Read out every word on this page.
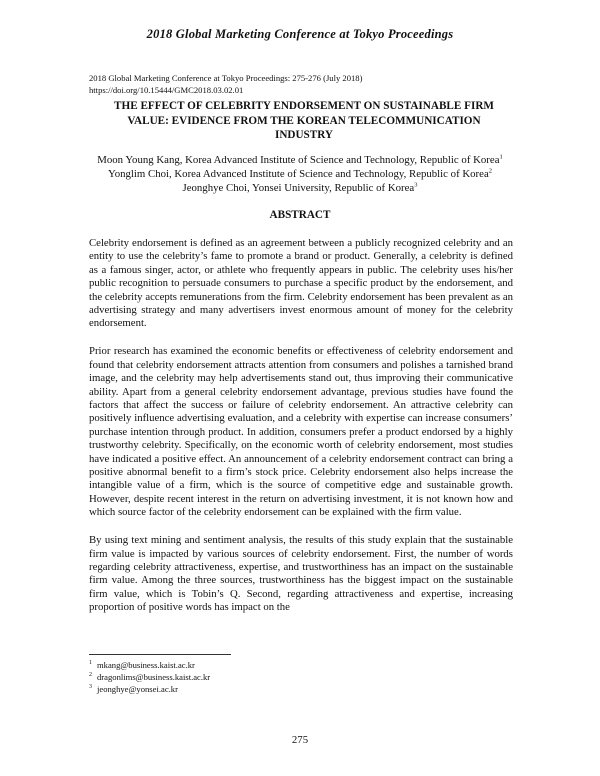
2018 Global Marketing Conference at Tokyo Proceedings
2018 Global Marketing Conference at Tokyo Proceedings: 275-276 (July 2018)
https://doi.org/10.15444/GMC2018.03.02.01
THE EFFECT OF CELEBRITY ENDORSEMENT ON SUSTAINABLE FIRM VALUE: EVIDENCE FROM THE KOREAN TELECOMMUNICATION INDUSTRY
Moon Young Kang, Korea Advanced Institute of Science and Technology, Republic of Korea$^1$
Yonglim Choi, Korea Advanced Institute of Science and Technology, Republic of Korea$^2$
Jeonghye Choi, Yonsei University, Republic of Korea$^3$
ABSTRACT

Celebrity endorsement is defined as an agreement between a publicly recognized celebrity and an entity to use the celebrity’s fame to promote a brand or product. Generally, a celebrity is defined as a famous singer, actor, or athlete who frequently appears in public. The celebrity uses his/her public recognition to persuade consumers to purchase a specific product by the endorsement, and the celebrity accepts remunerations from the firm. Celebrity endorsement has been prevalent as an advertising strategy and many advertisers invest enormous amount of money for the celebrity endorsement.

Prior research has examined the economic benefits or effectiveness of celebrity endorsement and found that celebrity endorsement attracts attention from consumers and polishes a tarnished brand image, and the celebrity may help advertisements stand out, thus improving their communicative ability. Apart from a general celebrity endorsement advantage, previous studies have found the factors that affect the success or failure of celebrity endorsement. An attractive celebrity can positively influence advertising evaluation, and a celebrity with expertise can increase consumers’ purchase intention through product. In addition, consumers prefer a product endorsed by a highly trustworthy celebrity. Specifically, on the economic worth of celebrity endorsement, most studies have indicated a positive effect. An announcement of a celebrity endorsement contract can bring a positive abnormal benefit to a firm’s stock price. Celebrity endorsement also helps increase the intangible value of a firm, which is the source of competitive edge and sustainable growth. However, despite recent interest in the return on advertising investment, it is not known how and which source factor of the celebrity endorsement can be explained with the firm value.

By using text mining and sentiment analysis, the results of this study explain that the sustainable firm value is impacted by various sources of celebrity endorsement. First, the number of words regarding celebrity attractiveness, expertise, and trustworthiness has an impact on the sustainable firm value. Among the three sources, trustworthiness has the biggest impact on the sustainable firm value, which is Tobin’s Q. Second, regarding attractiveness and expertise, increasing proportion of positive words has impact on the

$^1$ mkang@business.kaist.ac.kr
$^2$ dragonlims@business.kaist.ac.kr
$^3$ jeonghye@yonsei.ac.kr
275
